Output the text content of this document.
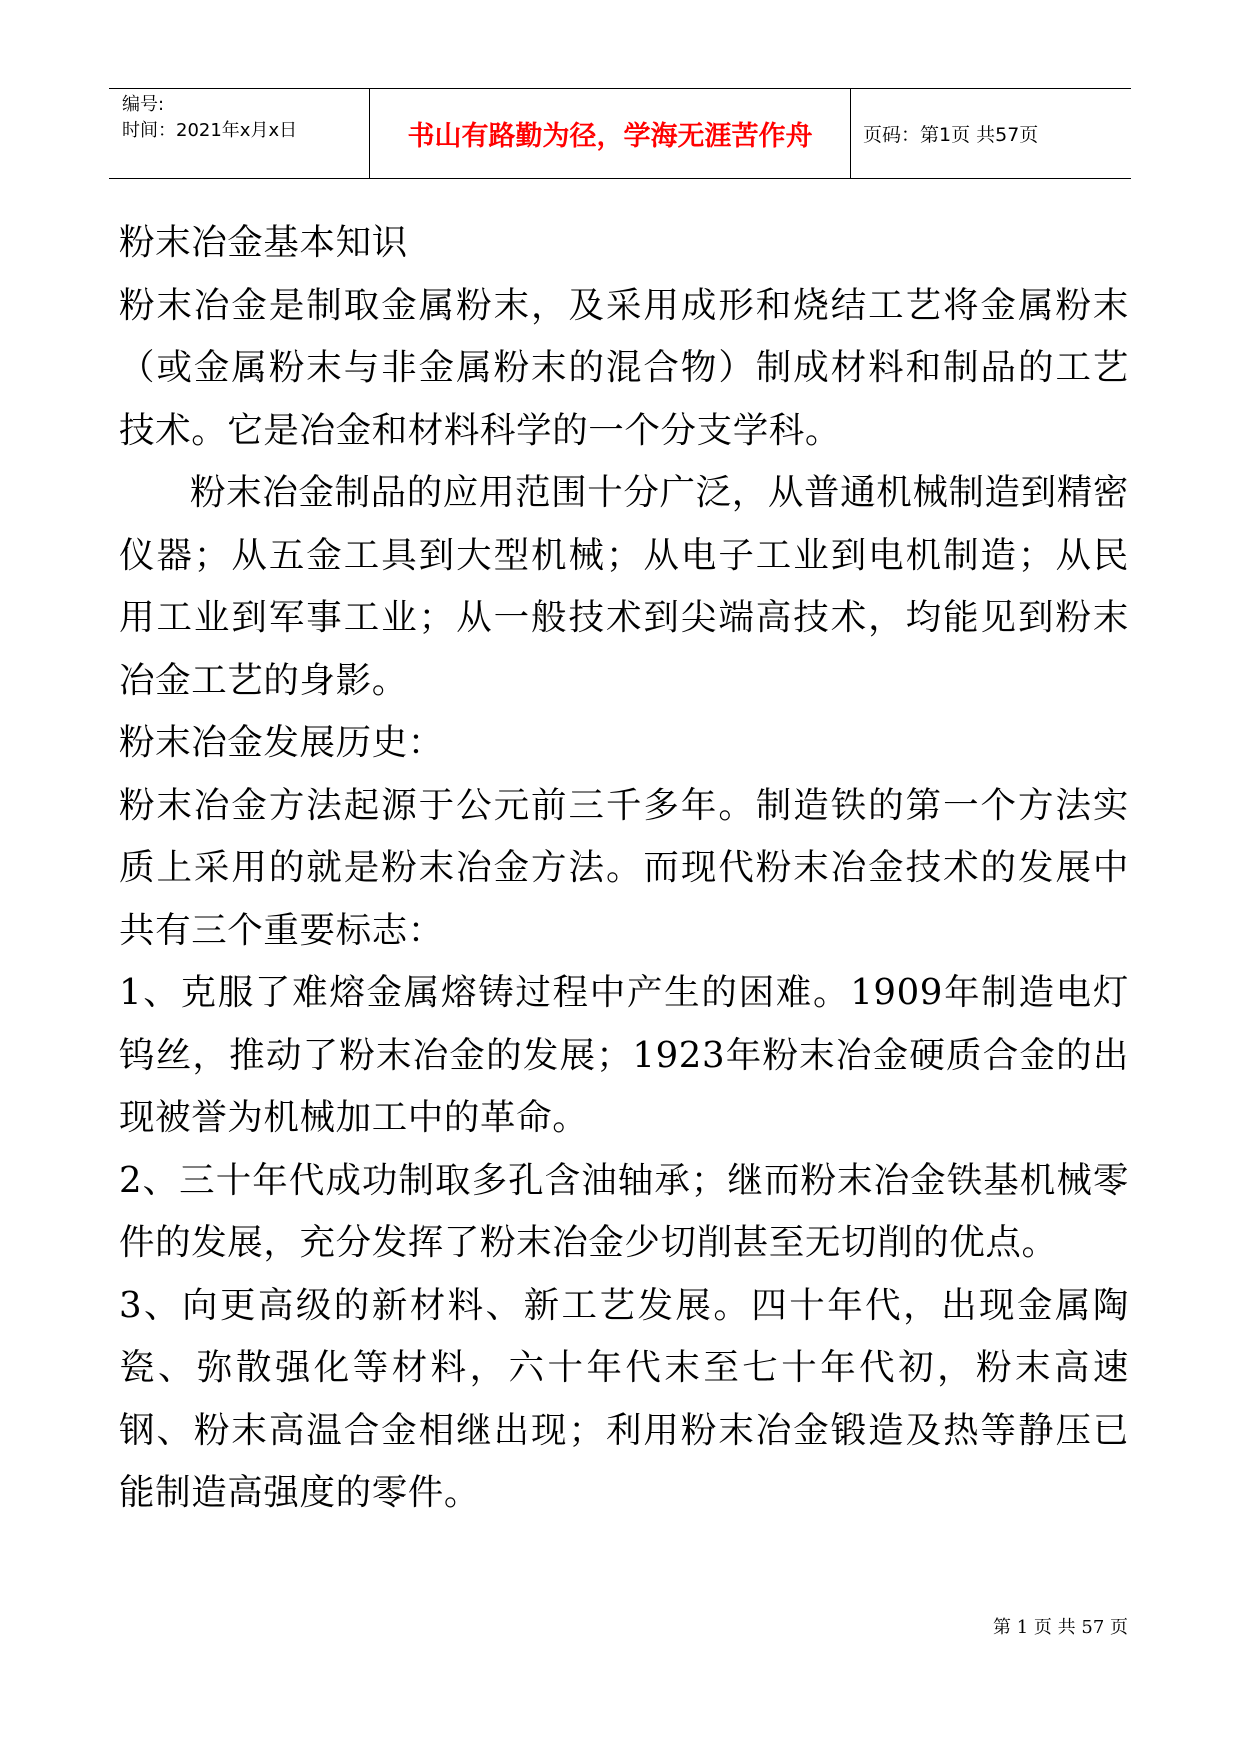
编号:
时间：2021年x月x日	书山有路勤为径，学海无涯苦作舟	页码：第1页 共57页

粉末冶金基本知识

粉末冶金是制取金属粉末，及采用成形和烧结工艺将金属粉末（或金属粉末与非金属粉末的混合物）制成材料和制品的工艺技术。它是冶金和材料科学的一个分支学科。

粉末冶金制品的应用范围十分广泛，从普通机械制造到精密仪器；从五金工具到大型机械；从电子工业到电机制造；从民用工业到军事工业；从一般技术到尖端高技术，均能见到粉末冶金工艺的身影。

粉末冶金发展历史：

粉末冶金方法起源于公元前三千多年。制造铁的第一个方法实质上采用的就是粉末冶金方法。而现代粉末冶金技术的发展中共有三个重要标志：

1、克服了难熔金属熔铸过程中产生的困难。1909年制造电灯钨丝，推动了粉末冶金的发展；1923年粉末冶金硬质合金的出现被誉为机械加工中的革命。

2、三十年代成功制取多孔含油轴承；继而粉末冶金铁基机械零件的发展，充分发挥了粉末冶金少切削甚至无切削的优点。

3、向更高级的新材料、新工艺发展。四十年代，出现金属陶瓷、弥散强化等材料，六十年代末至七十年代初，粉末高速钢、粉末高温合金相继出现；利用粉末冶金锻造及热等静压已能制造高强度的零件。

第 1 页 共 57 页
